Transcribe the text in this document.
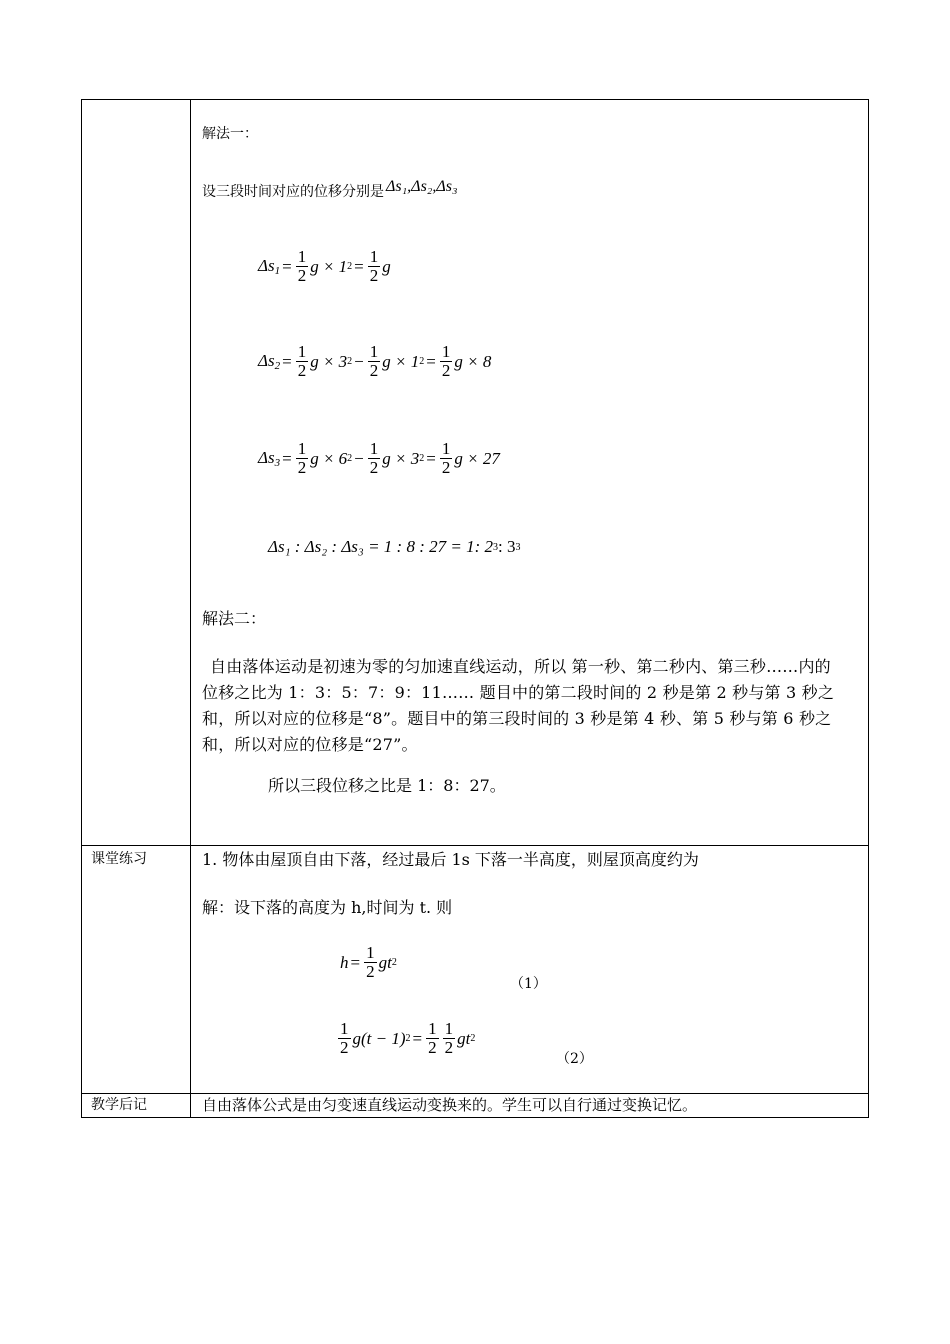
解法一：
设三段时间对应的位移分别是 Δs₁,Δs₂,Δs₃
$\Delta s_1 = \frac{1}{2}$ g × 1 $2 = \frac{1}{2}$ g
$\Delta s_2 = \frac{1}{2}$ g × 3 $2 - \frac{1}{2}$ g × 1 $2 = \frac{1}{2}$ g × 8
$\Delta s_3 = \frac{1}{2}$ g × 6 $2 - \frac{1}{2}$ g × 3 $2 = \frac{1}{2}$ g × 27
Δs₁ : Δs₂ : Δs₃ = 1 : 8 : 27 = 1: 2 3 : 3 3
解法二：
自由落体运动是初速为零的匀加速直线运动，所以 第一秒、第二秒内、第三秒……内的位移之比为 1：3：5：7：9：11…… 题目中的第二段时间的 2 秒是第 2 秒与第 3 秒之和，所以对应的位移是“8”。题目中的第三段时间的 3 秒是第 4 秒、第 5 秒与第 6 秒之和，所以对应的位移是“27”。
所以三段位移之比是 1：8：27。
课堂练习	1. 物体由屋顶自由下落，经过最后 1s 下落一半高度，则屋顶高度约为
解：设下落的高度为 h,时间为 t. 则
$h = \frac{1}{2}$ gt 2
（1）
$\frac{1}{2} g(t - 1) 2 = \frac{1}{2} \frac{1}{2}$ gt 2
（2）
教学后记	自由落体公式是由匀变速直线运动变换来的。学生可以自行通过变换记忆。
